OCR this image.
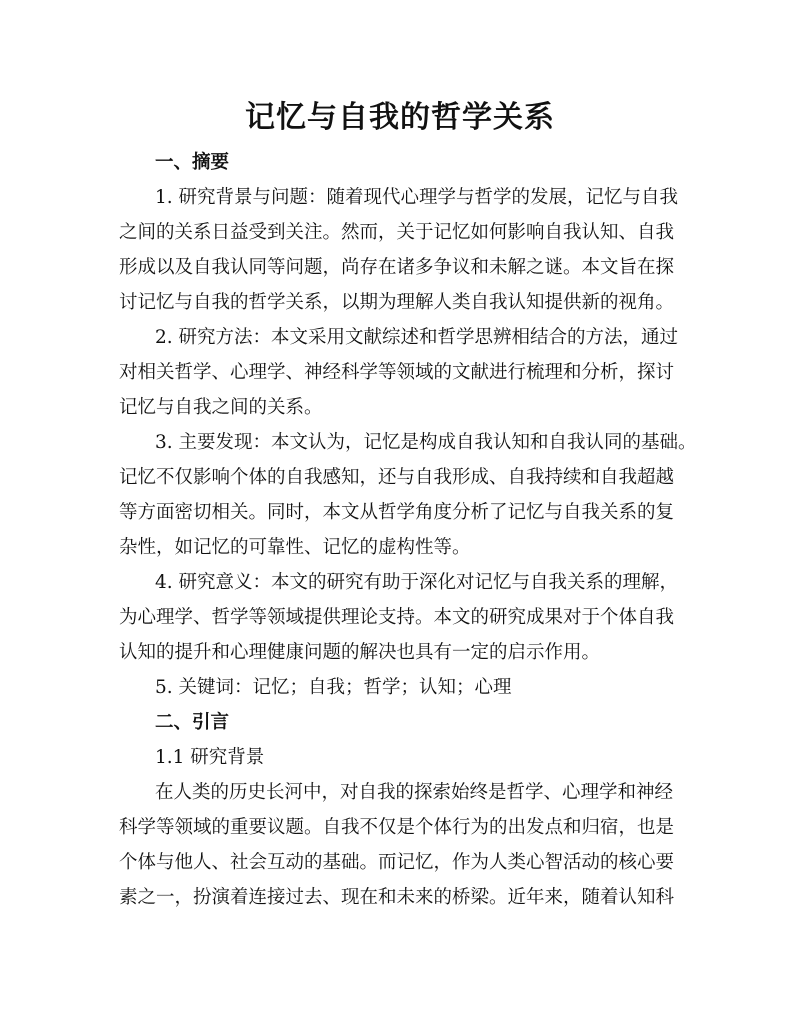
记忆与自我的哲学关系
一、摘要
1. 研究背景与问题：随着现代心理学与哲学的发展，记忆与自我
之间的关系日益受到关注。然而，关于记忆如何影响自我认知、自我
形成以及自我认同等问题，尚存在诸多争议和未解之谜。本文旨在探
讨记忆与自我的哲学关系，以期为理解人类自我认知提供新的视角。
2. 研究方法：本文采用文献综述和哲学思辨相结合的方法，通过
对相关哲学、心理学、神经科学等领域的文献进行梳理和分析，探讨
记忆与自我之间的关系。
3. 主要发现：本文认为，记忆是构成自我认知和自我认同的基础。
记忆不仅影响个体的自我感知，还与自我形成、自我持续和自我超越
等方面密切相关。同时，本文从哲学角度分析了记忆与自我关系的复
杂性，如记忆的可靠性、记忆的虚构性等。
4. 研究意义：本文的研究有助于深化对记忆与自我关系的理解，
为心理学、哲学等领域提供理论支持。本文的研究成果对于个体自我
认知的提升和心理健康问题的解决也具有一定的启示作用。
5. 关键词：记忆；自我；哲学；认知；心理
二、引言
1.1 研究背景
在人类的历史长河中，对自我的探索始终是哲学、心理学和神经
科学等领域的重要议题。自我不仅是个体行为的出发点和归宿，也是
个体与他人、社会互动的基础。而记忆，作为人类心智活动的核心要
素之一，扮演着连接过去、现在和未来的桥梁。近年来，随着认知科
